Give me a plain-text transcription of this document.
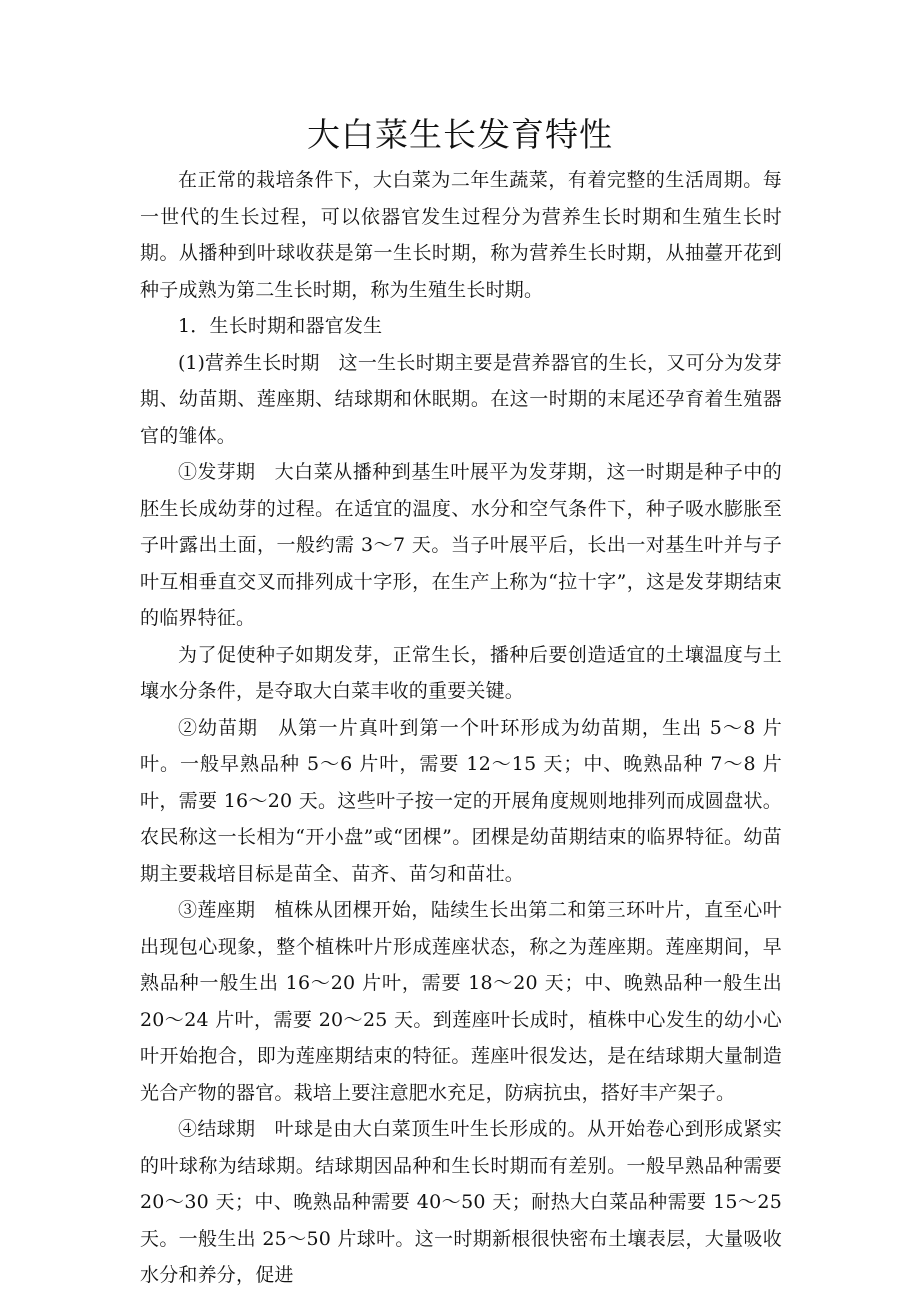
大白菜生长发育特性

在正常的栽培条件下，大白菜为二年生蔬菜，有着完整的生活周期。每一世代的生长过程，可以依器官发生过程分为营养生长时期和生殖生长时期。从播种到叶球收获是第一生长时期，称为营养生长时期，从抽薹开花到种子成熟为第二生长时期，称为生殖生长时期。

1．生长时期和器官发生

(1)营养生长时期　这一生长时期主要是营养器官的生长，又可分为发芽期、幼苗期、莲座期、结球期和休眠期。在这一时期的末尾还孕育着生殖器官的雏体。

①发芽期　大白菜从播种到基生叶展平为发芽期，这一时期是种子中的胚生长成幼芽的过程。在适宜的温度、水分和空气条件下，种子吸水膨胀至子叶露出土面，一般约需 3～7 天。当子叶展平后，长出一对基生叶并与子叶互相垂直交叉而排列成十字形，在生产上称为“拉十字”，这是发芽期结束的临界特征。

为了促使种子如期发芽，正常生长，播种后要创造适宜的土壤温度与土壤水分条件，是夺取大白菜丰收的重要关键。

②幼苗期　从第一片真叶到第一个叶环形成为幼苗期，生出 5～8 片叶。一般早熟品种 5～6 片叶，需要 12～15 天；中、晚熟品种 7～8 片叶，需要 16～20 天。这些叶子按一定的开展角度规则地排列而成圆盘状。农民称这一长相为“开小盘”或“团棵”。团棵是幼苗期结束的临界特征。幼苗期主要栽培目标是苗全、苗齐、苗匀和苗壮。

③莲座期　植株从团棵开始，陆续生长出第二和第三环叶片，直至心叶出现包心现象，整个植株叶片形成莲座状态，称之为莲座期。莲座期间，早熟品种一般生出 16～20 片叶，需要 18～20 天；中、晚熟品种一般生出 20～24 片叶，需要 20～25 天。到莲座叶长成时，植株中心发生的幼小心叶开始抱合，即为莲座期结束的特征。莲座叶很发达，是在结球期大量制造光合产物的器官。栽培上要注意肥水充足，防病抗虫，搭好丰产架子。

④结球期　叶球是由大白菜顶生叶生长形成的。从开始卷心到形成紧实的叶球称为结球期。结球期因品种和生长时期而有差别。一般早熟品种需要 20～30 天；中、晚熟品种需要 40～50 天；耐热大白菜品种需要 15～25 天。一般生出 25～50 片球叶。这一时期新根很快密布土壤表层，大量吸收水分和养分，促进
